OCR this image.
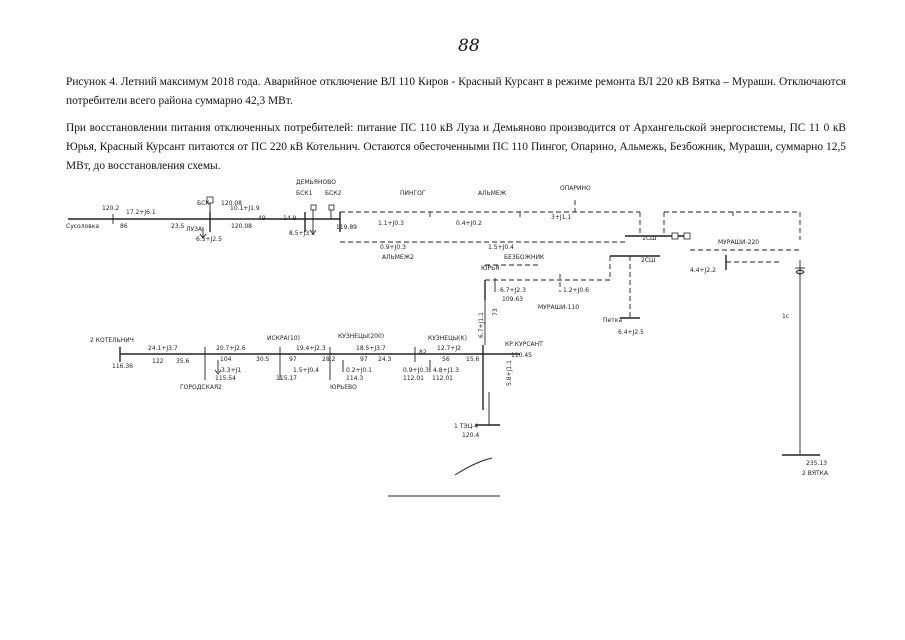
88
Рисунок 4. Летний максимум 2018 года. Аварийное отключение ВЛ 110 Киров - Красный Курсант в режиме ремонта ВЛ 220 кВ Вятка – Мурашн. Отключаются потребители всего района суммарно 42,3 МВт.
При восстановлении питания отключенных потребителей: питание ПС 110 кВ Луза и Демьяново производится от Архангельской энергосистемы, ПС 11 0 кВ Юрья, Красный Курсант питаются от ПС 220 кВ Котельнич. Остаются обесточенными ПС 110 Пингог, Опарино, Альмежь, Безбожник, Мураши, суммарно 12,5 МВт, до восстановления схемы.
120.2
17.2+J6.1
Сусоловка	86
БСК 120.08
23.5 ЛУЗА	120.08
6.5+J2.5
10.1+J1.9
49
ДЕМЬЯНОВО
БСК1 БСК2
14.9
8.5+J3.1
119.89
ПИНГОГ	АЛЬМЕЖ
ОПАРИНО
1.1+J0.3	0.4+J0.2
3+J1.1
1СШ
2СШ
0.9+J0.3
АЛЬМЕЖ2
1.5+J0.4
БЕЗБОЖНИК
МУРАШИ-220
4.4+J2.2
1с
ЮРЬЯ
6.7+J2.3
109.63
1.2+J0.6
МУРАШИ-110
Петка
6.4+J2.5
6.7+J1.1 73
2 КОТЕЛЬНИЧ
116.36
24.1+J3.7
122 35.6
20.7+J2.6
104
3.3+J1
115.54
ГОРОДСКАЯ2
ИСКРА(10)
30.5
19.4+J2.3
97
1.5+J0.4
115.17
28.2
КУЗНЕЦЫ(200)
18.5+J3.7
97 24.3
0.2+J0.1
114.3
ЮРЬЕВО
КУЗНЕЦЫ(К)
82
12.7+J2
56	15.6
0.9+J0.3 4.8+J1.3
112.01 112.01
КР.КУРСАНТ
110.45
5.8+J1.1
1 ТЭЦ-4
120.4
235.13
2 ВЯТКА
